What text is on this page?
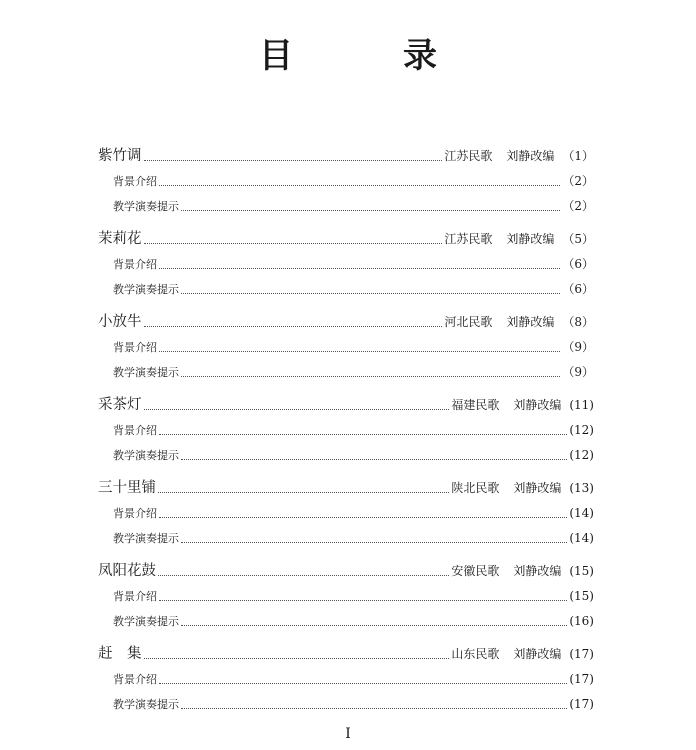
目	录
紫竹调	江苏民歌 刘静改编 （1）
背景介绍	（2）
教学演奏提示	（2）
茉莉花	江苏民歌 刘静改编 （5）
背景介绍	（6）
教学演奏提示	（6）
小放牛	河北民歌 刘静改编 （8）
背景介绍	（9）
教学演奏提示	（9）
采茶灯	福建民歌 刘静改编 (11)
背景介绍	(12)
教学演奏提示	(12)
三十里铺	陕北民歌 刘静改编 (13)
背景介绍	(14)
教学演奏提示	(14)
凤阳花鼓	安徽民歌 刘静改编 (15)
背景介绍	(15)
教学演奏提示	(16)
赶　集	山东民歌 刘静改编 (17)
背景介绍	(17)
教学演奏提示	(17)
I
